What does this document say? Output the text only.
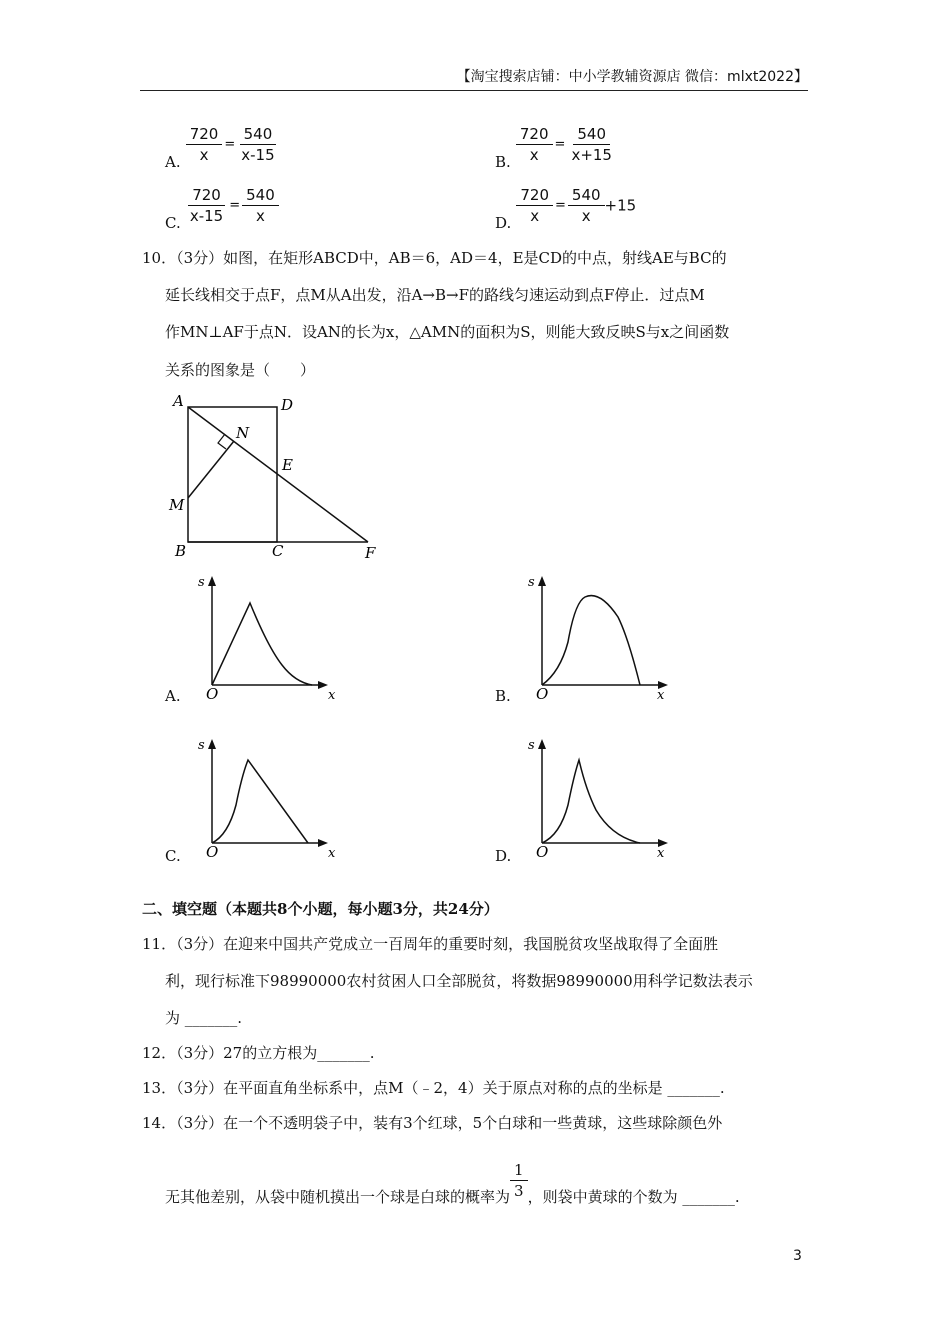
【淘宝搜索店铺：中小学教辅资源店 微信：mlxt2022】
A. $\frac{720}{x} = \frac{540}{x-15}$	B. $\frac{720}{x} = \frac{540}{x+15}$
C. $\frac{720}{x-15} = \frac{540}{x}$	D. $\frac{720}{x} = \frac{540}{x} +15$
10．（3分）如图，在矩形ABCD中，AB＝6，AD＝4，E是CD的中点，射线AE与BC的
延长线相交于点F，点M从A出发，沿A→B→F的路线匀速运动到点F停止．过点M
作MN⊥AF于点N．设AN的长为x，△AMN的面积为S，则能大致反映S与x之间函数
关系的图象是（　　）
A	D
E
N
M
B	C	F
A.
s
x
O	B.
s
x
O
C.
s
x
O	D.
s
x
O
二、填空题（本题共8个小题，每小题3分，共24分）
11．（3分）在迎来中国共产党成立一百周年的重要时刻，我国脱贫攻坚战取得了全面胜
利，现行标准下98990000农村贫困人口全部脱贫，将数据98990000用科学记数法表示
为 _______.
12．（3分）27的立方根为_______.
13．（3分）在平面直角坐标系中，点M（﹣2，4）关于原点对称的点的坐标是 _______.
14．（3分）在一个不透明袋子中，装有3个红球，5个白球和一些黄球，这些球除颜色外
无其他差别，从袋中随机摸出一个球是白球的概率为 $\frac{1}{3}$ ，则袋中黄球的个数为 _______.
3
